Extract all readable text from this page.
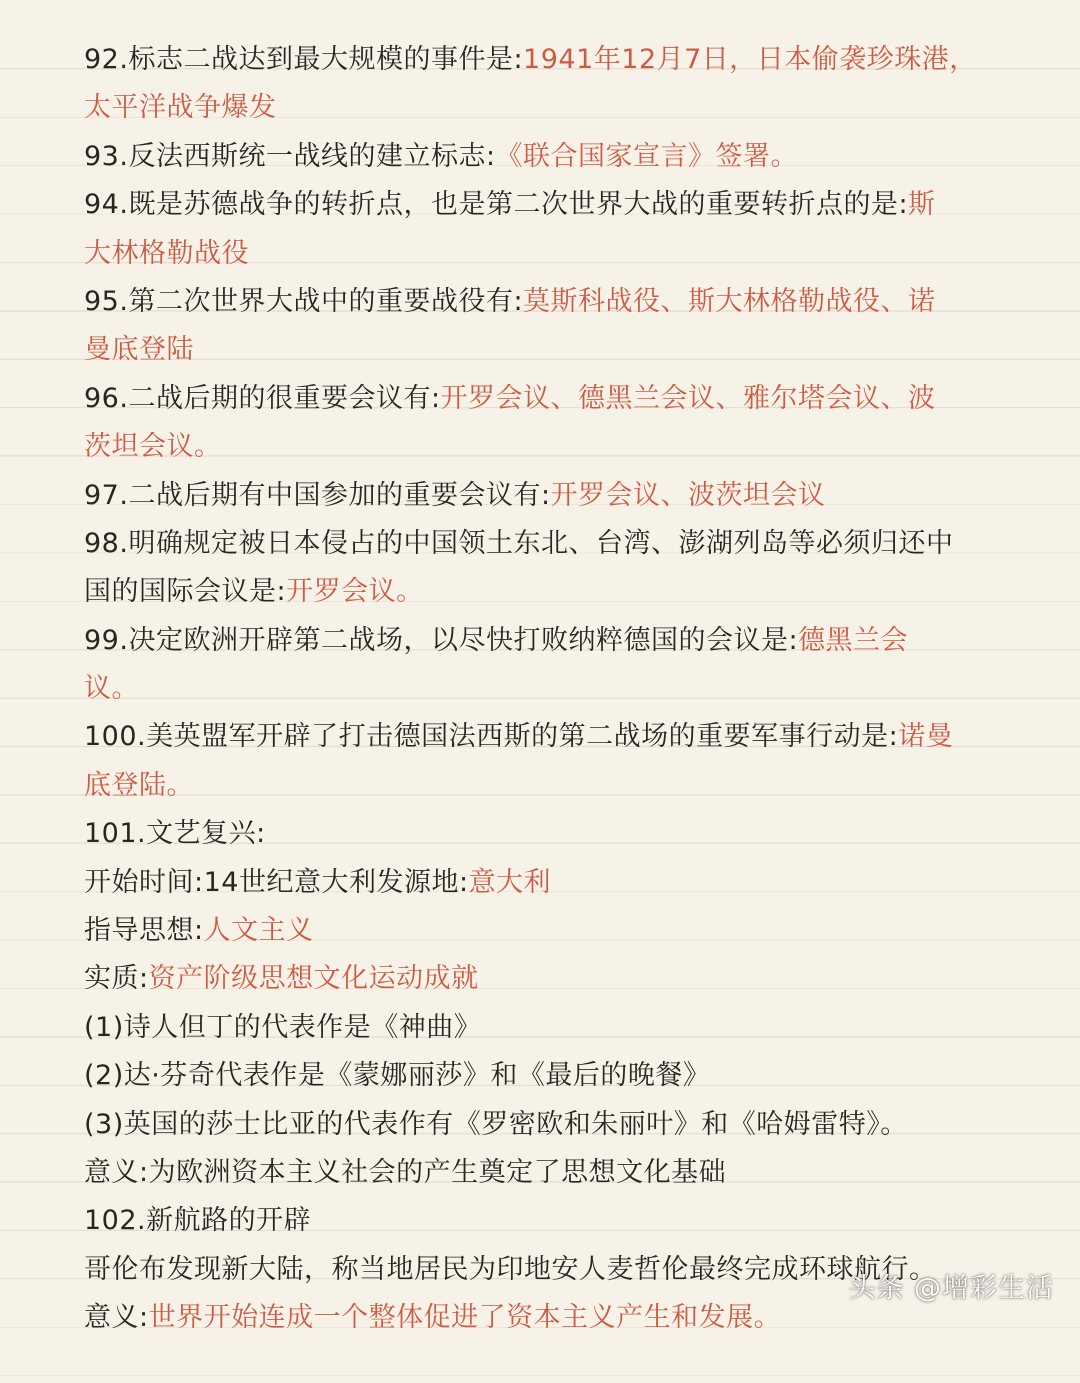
92.标志二战达到最大规模的事件是:1941年12月7日，日本偷袭珍珠港，
太平洋战争爆发
93.反法西斯统一战线的建立标志:《联合国家宣言》签署。
94.既是苏德战争的转折点，也是第二次世界大战的重要转折点的是:斯
大林格勒战役
95.第二次世界大战中的重要战役有:莫斯科战役、斯大林格勒战役、诺
曼底登陆
96.二战后期的很重要会议有:开罗会议、德黑兰会议、雅尔塔会议、波
茨坦会议。
97.二战后期有中国参加的重要会议有:开罗会议、波茨坦会议
98.明确规定被日本侵占的中国领土东北、台湾、澎湖列岛等必须归还中
国的国际会议是:开罗会议。
99.决定欧洲开辟第二战场，以尽快打败纳粹德国的会议是:德黑兰会
议。
100.美英盟军开辟了打击德国法西斯的第二战场的重要军事行动是:诺曼
底登陆。
101.文艺复兴:
开始时间:14世纪意大利发源地:意大利
指导思想:人文主义
实质:资产阶级思想文化运动成就
(1)诗人但丁的代表作是《神曲》
(2)达·芬奇代表作是《蒙娜丽莎》和《最后的晚餐》
(3)英国的莎士比亚的代表作有《罗密欧和朱丽叶》和《哈姆雷特》。
意义:为欧洲资本主义社会的产生奠定了思想文化基础
102.新航路的开辟
哥伦布发现新大陆，称当地居民为印地安人麦哲伦最终完成环球航行。
意义:世界开始连成一个整体促进了资本主义产生和发展。
头条 @增彩生活
